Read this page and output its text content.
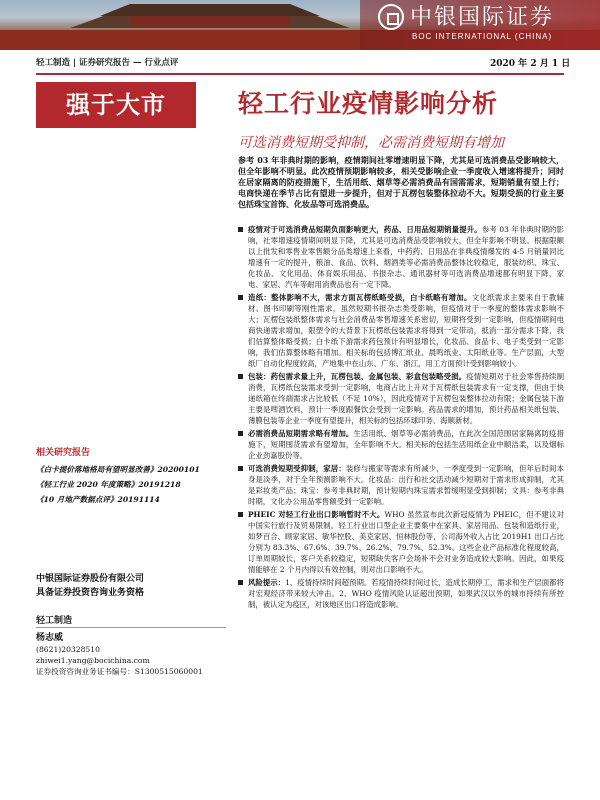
中银国际证券
BOC INTERNATIONAL (CHINA)
轻工制造 | 证券研究报告 — 行业点评	2020 年 2 月 1 日
强于大市	轻工行业疫情影响分析
可选消费短期受抑制，必需消费短期有增加
参考 03 年非典时期的影响，疫情期间社零增速明显下降，尤其是可选消费品受影响较大，但全年影响不明显。此次疫情预期影响较多，相关受影响企业一季度收入增速将提升；同时在居家隔离的防疫措施下，生活用纸、烟草等必需消费品有国需需求，短期销量有望上行；电商快递在季节占比有望进一步提升，但对于瓦楞包装整体拉动不大。短期受损的行业主要包括珠宝首饰、化妆品等可选消费品。
疫情对于可选消费品短期负面影响更大，药品、日用品短期销量提升。参考 03 年非典时期的影响，社零增速疫情期间明显下降，尤其是可选消费品受影响较大，但全年影响不明显。根据限额以上批发和零售业零售额分品类增速上来看，中药药、日用品在非典疫情爆发的 4-5 月销量同比增速有一定的提升，粮油、食品、饮料、烟酒类等必需消费品整体比较稳定，服装纺织、珠宝、化妆品、文化用品、体育娱乐用品、书报杂志、通讯器材等可选消费品增速都有明显下降，家电、家居、汽车等耐用消费品也有一定下降。
造纸：整体影响不大，需求方面瓦楞纸略受损，白卡纸略有增加。文化纸需求主要来自于教辅材、图书印刷等刚性需求，虽然短期书报杂志类受影响，但疫情对于一季度的整体需求影响不大；瓦楞包装纸整体需求与社会消费品零售增速关系密切，短期将受到一定影响，但疫情期间电商快递需求增加，限塑令的大背景下瓦楞纸包装需求将得到一定带动，抵消一部分需求下降，我们估算整体略受损；白卡纸下游需求药包预计有明显增长，化妆品、食品卡、电子类受到一定影响，我们估算整体略有增加。相关标的包括博汇纸业、晨鸣纸业、太阳纸业等。生产层面，大型纸厂自动化程度较高，产地集中在山东、广东、浙江，用工方面预计受到影响较小。
包装：药包需求量上升，瓦楞包装、金属包装、彩盒包装略受损。疫情短期对于社会零售持续制消费，瓦楞纸包装需求受到一定影响，电商占比上升对于瓦楞纸包装需求有一定支撑，但由于快递纸箱在终端需求占比较低（不足 10%），因此疫情对于瓦楞包装整体拉动有限；金属包装下游主要是啤酒饮料，预计一季度跟餐饮会受到一定影响。药品需求的增加，预计药品相关纸包装、薄膜包装等企业一季度有望提升，相关标的包括环球印务、海顺新材。
必需消费品短期需求略有增加。生活用纸、烟草等必需消费品，在此次全国范围居家隔离防疫措施下，短期囤货需求有望增加，全年影响不大。相关标的包括生活用纸企业中顺洁柔，以及烟标企业劲嘉股份等。
可选消费短期受抑制，家居：装修与搬家等需求有所减少，一季度受到一定影响，但年后时间本身是淡季，对于全年预测影响不大。化妆品：出行和社交活动减少短期对于需求形成抑制，尤其是彩妆类产品；珠宝：参考非典时期，预计短期内珠宝需求暂缓明显受到抑制；文具：参考非典时期，文化办公用品零售额受到一定影响。
PHEIC 对轻工行业出口影响暂时不大。WHO 虽然宣布此次新冠疫情为 PHEIC，但不建议对中国实行旅行及贸易限制。轻工行业出口型企业主要集中在家具、家居用品、包装和造纸行业，如梦百合、顾家家居、敏华控股、美克家居、恒林股份等，公司海外收入占比 2019H1 出口占比分别为 83.3%、67.6%、39.7%、26.2%、79.7%、52.3%。这些企业产品标准化程度较高，订单周期较长，客户关系较稳定，短期缺失客户会场补不会对业务造成较大影响。因此，如果疫情能够在 2 个月内得以有效控制，则对出口影响不大。
风险提示：1、疫情持续时间超预期。若疫情持续时间过长，造成长期停工，需求和生产层面都将对宏观经济带来较大冲击。2、WHO 疫情风险认证超出预期，如果武汉以外的城市持续有所控制，被认定为疫区，对该地区出口将造成影响。
相关研究报告
《白卡提价落地格局有望明显改善》20200101
《轻工行业 2020 年度策略》20191218
《10 月地产数据点评》20191114
中银国际证券股份有限公司
具备证券投资咨询业务资格
轻工制造
杨志威
(8621)20328510
zhiwei1.yang@bocichina.com
证券投资咨询业务证书编号：S1300515060001
